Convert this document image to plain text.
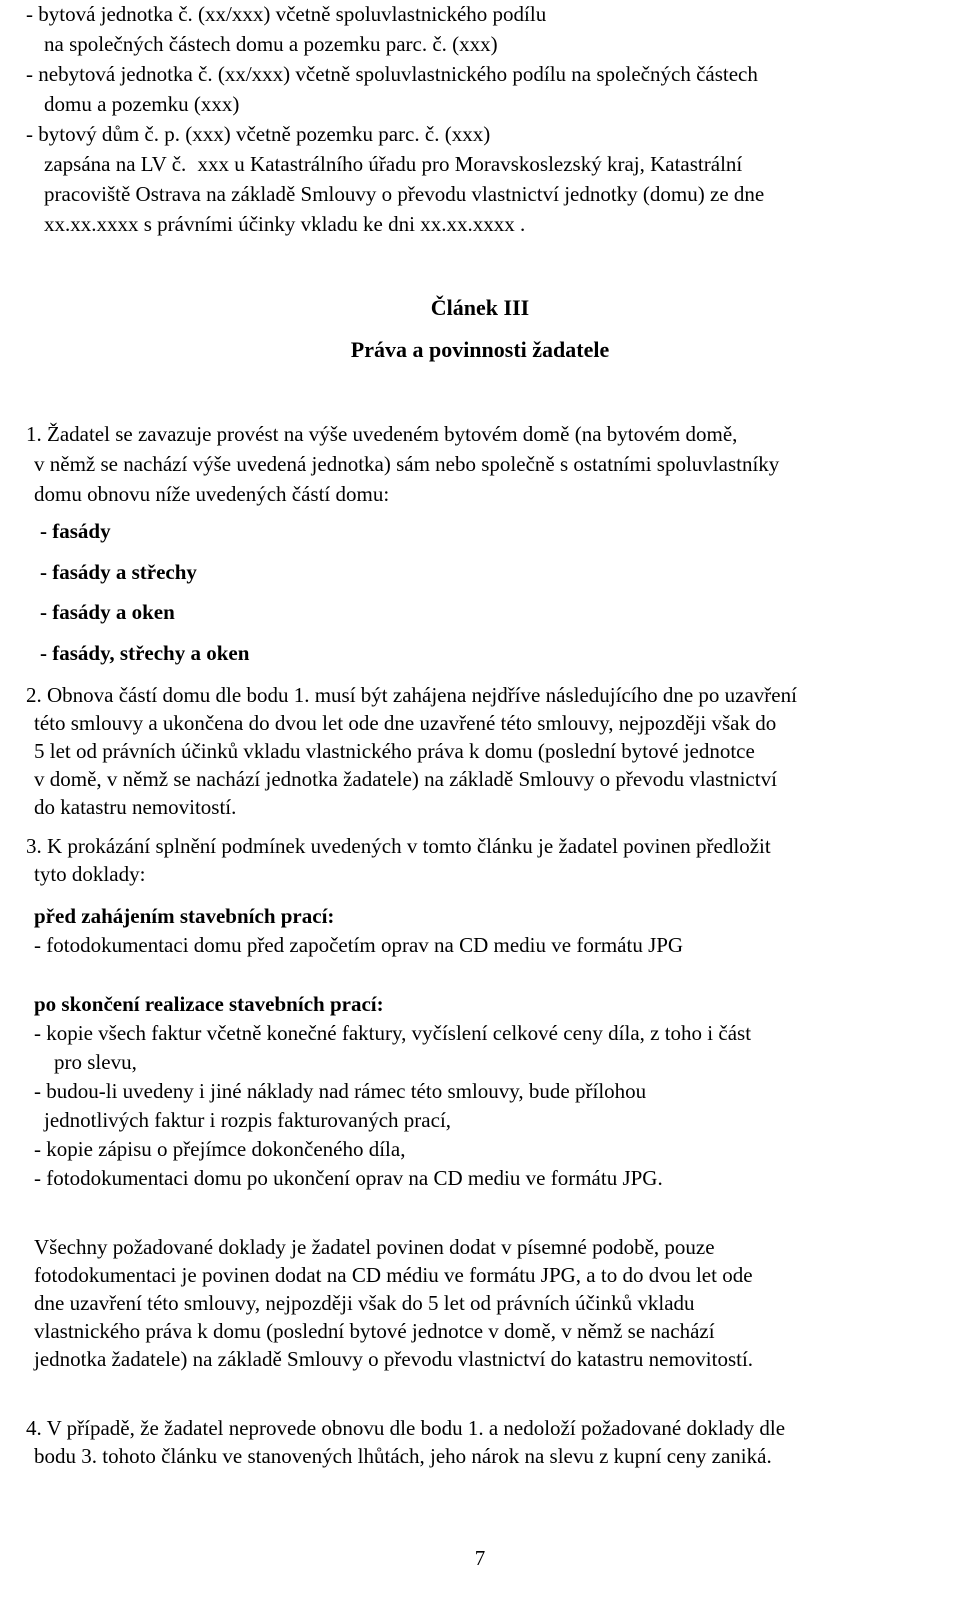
- bytová jednotka č. (xx/xxx) včetně spoluvlastnického podílu
na společných částech domu a pozemku parc. č. (xxx)
- nebytová jednotka č. (xx/xxx) včetně spoluvlastnického podílu na společných částech
domu a pozemku (xxx)
- bytový dům č. p. (xxx) včetně pozemku parc. č. (xxx)
zapsána na LV č. xxx u Katastrálního úřadu pro Moravskoslezský kraj, Katastrální
pracoviště Ostrava na základě Smlouvy o převodu vlastnictví jednotky (domu) ze dne
xx.xx.xxxx s právními účinky vkladu ke dni xx.xx.xxxx .
Článek III
Práva a povinnosti žadatele
1. Žadatel se zavazuje provést na výše uvedeném bytovém domě (na bytovém domě,
v němž se nachází výše uvedená jednotka) sám nebo společně s ostatními spoluvlastníky
domu obnovu níže uvedených částí domu:
- fasády
- fasády a střechy
- fasády a oken
- fasády, střechy a oken
2. Obnova částí domu dle bodu 1. musí být zahájena nejdříve následujícího dne po uzavření
této smlouvy a ukončena do dvou let ode dne uzavřené této smlouvy, nejpozději však do
5 let od právních účinků vkladu vlastnického práva k domu (poslední bytové jednotce
v domě, v němž se nachází jednotka žadatele) na základě Smlouvy o převodu vlastnictví
do katastru nemovitostí.
3. K prokázání splnění podmínek uvedených v tomto článku je žadatel povinen předložit
tyto doklady:
před zahájením stavebních prací:
- fotodokumentaci domu před započetím oprav na CD mediu ve formátu JPG
po skončení realizace stavebních prací:
- kopie všech faktur včetně konečné faktury, vyčíslení celkové ceny díla, z toho i část
pro slevu,
- budou-li uvedeny i jiné náklady nad rámec této smlouvy, bude přílohou
jednotlivých faktur i rozpis fakturovaných prací,
- kopie zápisu o přejímce dokončeného díla,
- fotodokumentaci domu po ukončení oprav na CD mediu ve formátu JPG.
Všechny požadované doklady je žadatel povinen dodat v písemné podobě, pouze
fotodokumentaci je povinen dodat na CD médiu ve formátu JPG, a to do dvou let ode
dne uzavření této smlouvy, nejpozději však do 5 let od právních účinků vkladu
vlastnického práva k domu (poslední bytové jednotce v domě, v němž se nachází
jednotka žadatele) na základě Smlouvy o převodu vlastnictví do katastru nemovitostí.
4. V případě, že žadatel neprovede obnovu dle bodu 1. a nedoloží požadované doklady dle
bodu 3. tohoto článku ve stanovených lhůtách, jeho nárok na slevu z kupní ceny zaniká.
7
